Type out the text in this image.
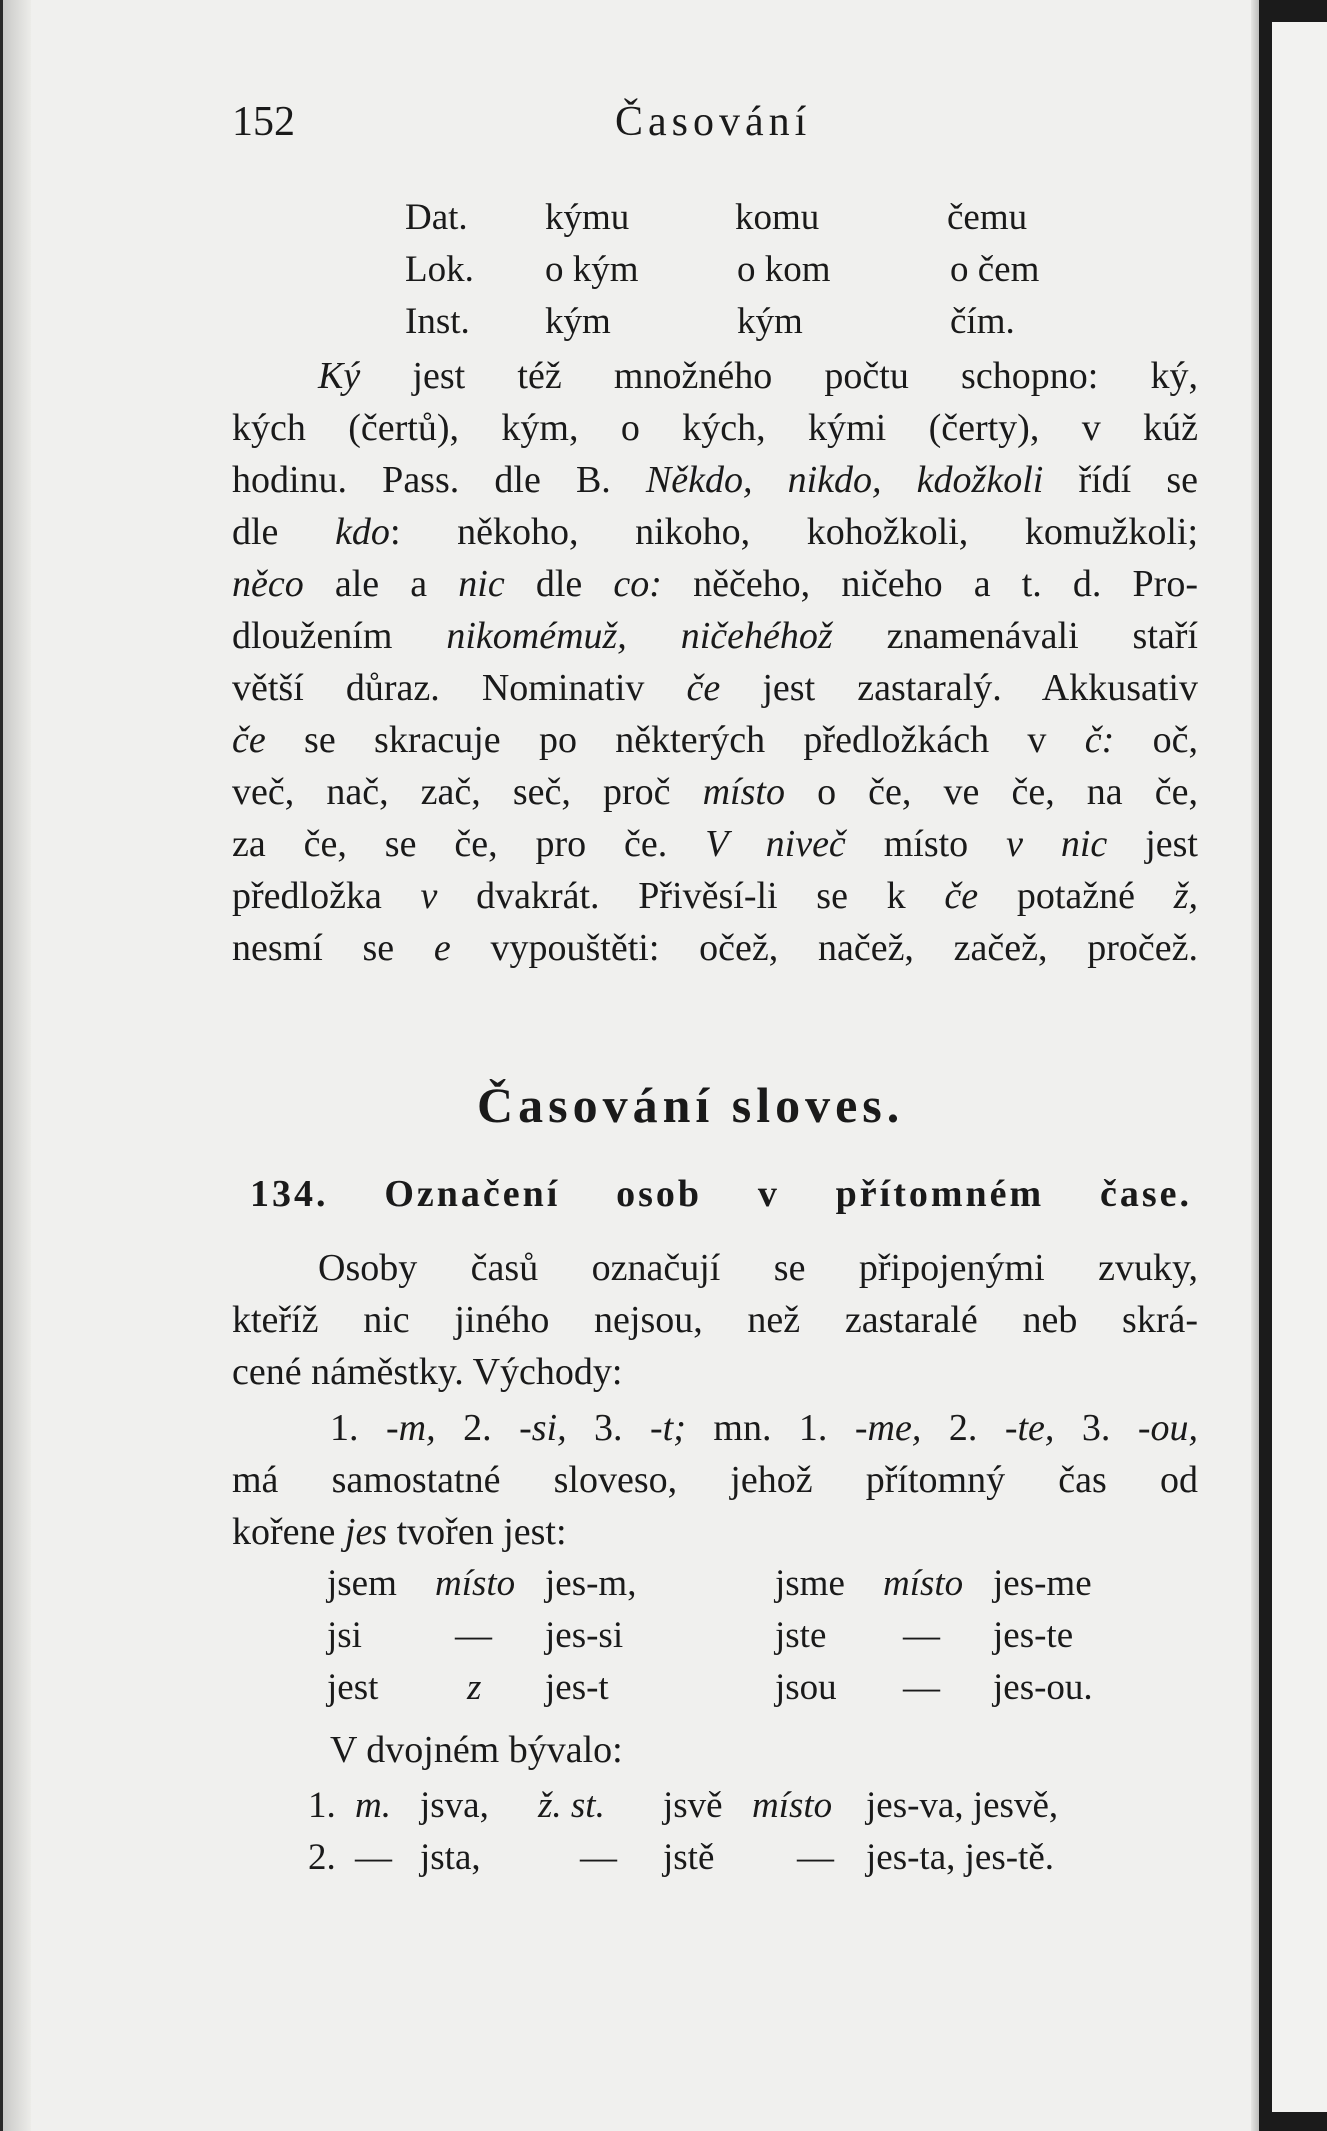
152	Časování
Dat. kýmu	komu	čemu
Lok. o kým	o kom	o čem
Inst. kým	kým	čím.
Ký jest též množného počtu schopno: ký,
kých (čertů), kým, o kých, kými (čerty), v kúž
hodinu. Pass. dle B. Někdo, nikdo, kdožkoli řídí se
dle kdo: někoho, nikoho, kohožkoli, komužkoli;
něco ale a nic dle co: něčeho, ničeho a t. d. Pro-
dloužením nikomémuž, ničehéhož znamenávali staří
větší důraz. Nominativ če jest zastaralý. Akkusativ
če se skracuje po některých předložkách v č: oč,
več, nač, zač, seč, proč místo o če, ve če, na če,
za če, se če, pro če. V niveč místo v nic jest
předložka v dvakrát. Přivěsí-li se k če potažné ž,
nesmí se e vypouštěti: očež, načež, začež, pročež.
Časování sloves.
134. Označení osob v přítomném čase.
Osoby časů označují se připojenými zvuky,
kteříž nic jiného nejsou, než zastaralé neb skrá-
cené náměstky. Východy:
1. -m, 2. -si, 3. -t; mn. 1. -me, 2. -te, 3. -ou,
má samostatné sloveso, jehož přítomný čas od
kořene jes tvořen jest:
jsem místo jes-m,	jsme místo jes-me
jsi	— jes-si	jste — jes-te
jest z jes-t	jsou — jes-ou.
V dvojném bývalo:
1. m. jsva, ž. st. jsvě místo jes-va, jesvě,
2. — jsta,	— jstě — jes-ta, jes-tě.
